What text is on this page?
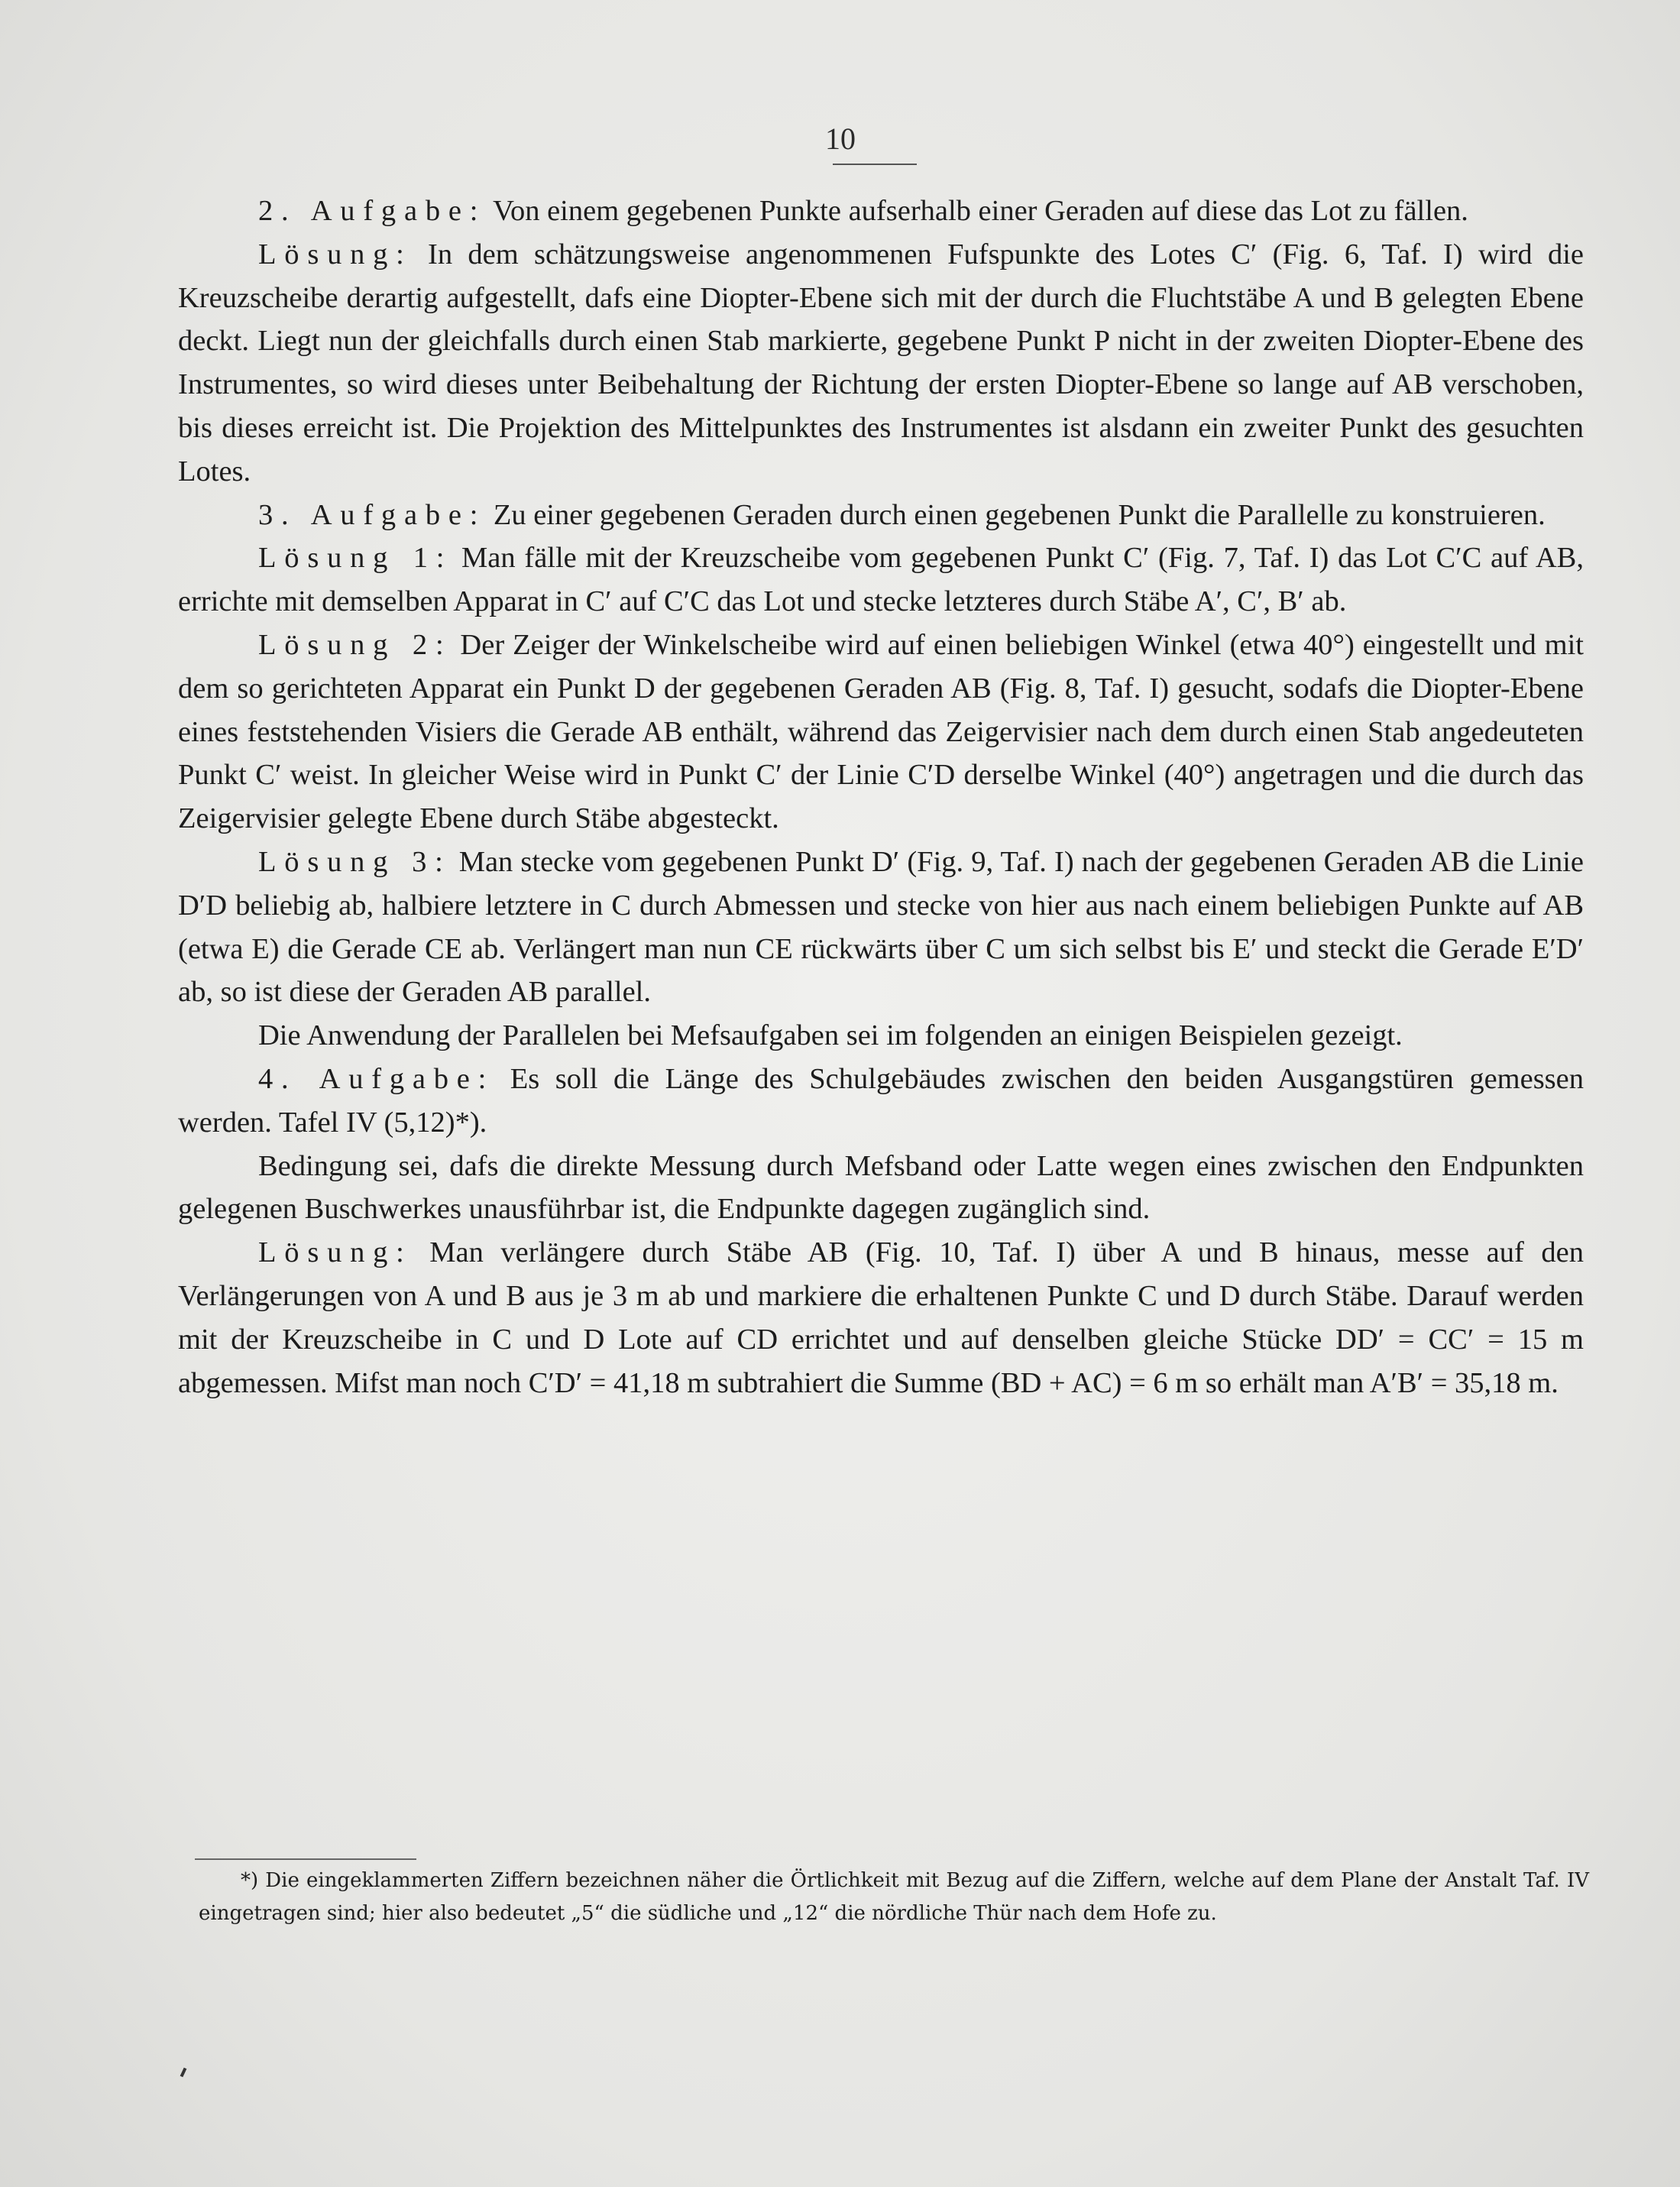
10

2. Aufgabe: Von einem gegebenen Punkte aufserhalb einer Geraden auf diese das Lot zu fällen.

Lösung: In dem schätzungsweise angenommenen Fufspunkte des Lotes C′ (Fig. 6, Taf. I) wird die Kreuzscheibe derartig aufgestellt, dafs eine Diopter-Ebene sich mit der durch die Fluchtstäbe A und B gelegten Ebene deckt. Liegt nun der gleichfalls durch einen Stab markierte, gegebene Punkt P nicht in der zweiten Diopter-Ebene des Instrumentes, so wird dieses unter Beibehaltung der Richtung der ersten Diopter-Ebene so lange auf AB verschoben, bis dieses erreicht ist. Die Projektion des Mittelpunktes des Instrumentes ist alsdann ein zweiter Punkt des gesuchten Lotes.

3. Aufgabe: Zu einer gegebenen Geraden durch einen gegebenen Punkt die Parallelle zu konstruieren.

Lösung 1: Man fälle mit der Kreuzscheibe vom gegebenen Punkt C′ (Fig. 7, Taf. I) das Lot C′C auf AB, errichte mit demselben Apparat in C′ auf C′C das Lot und stecke letzteres durch Stäbe A′, C′, B′ ab.

Lösung 2: Der Zeiger der Winkelscheibe wird auf einen beliebigen Winkel (etwa 40°) eingestellt und mit dem so gerichteten Apparat ein Punkt D der gegebenen Geraden AB (Fig. 8, Taf. I) gesucht, sodafs die Diopter-Ebene eines feststehenden Visiers die Gerade AB enthält, während das Zeigervisier nach dem durch einen Stab angedeuteten Punkt C′ weist. In gleicher Weise wird in Punkt C′ der Linie C′D derselbe Winkel (40°) angetragen und die durch das Zeigervisier gelegte Ebene durch Stäbe abgesteckt.

Lösung 3: Man stecke vom gegebenen Punkt D′ (Fig. 9, Taf. I) nach der gegebenen Geraden AB die Linie D′D beliebig ab, halbiere letztere in C durch Abmessen und stecke von hier aus nach einem beliebigen Punkte auf AB (etwa E) die Gerade CE ab. Verlängert man nun CE rückwärts über C um sich selbst bis E′ und steckt die Gerade E′D′ ab, so ist diese der Geraden AB parallel.

Die Anwendung der Parallelen bei Mefsaufgaben sei im folgenden an einigen Beispielen gezeigt.

4. Aufgabe: Es soll die Länge des Schulgebäudes zwischen den beiden Ausgangstüren gemessen werden. Tafel IV (5,12)*).

Bedingung sei, dafs die direkte Messung durch Mefsband oder Latte wegen eines zwischen den Endpunkten gelegenen Buschwerkes unausführbar ist, die Endpunkte dagegen zugänglich sind.

Lösung: Man verlängere durch Stäbe AB (Fig. 10, Taf. I) über A und B hinaus, messe auf den Verlängerungen von A und B aus je 3 m ab und markiere die erhaltenen Punkte C und D durch Stäbe. Darauf werden mit der Kreuzscheibe in C und D Lote auf CD errichtet und auf denselben gleiche Stücke DD′ = CC′ = 15 m abgemessen. Mifst man noch C′D′ = 41,18 m subtrahiert die Summe (BD + AC) = 6 m so erhält man A′B′ = 35,18 m.

*) Die eingeklammerten Ziffern bezeichnen näher die Örtlichkeit mit Bezug auf die Ziffern, welche auf dem Plane der Anstalt Taf. IV eingetragen sind; hier also bedeutet „5“ die südliche und „12“ die nördliche Thür nach dem Hofe zu.
